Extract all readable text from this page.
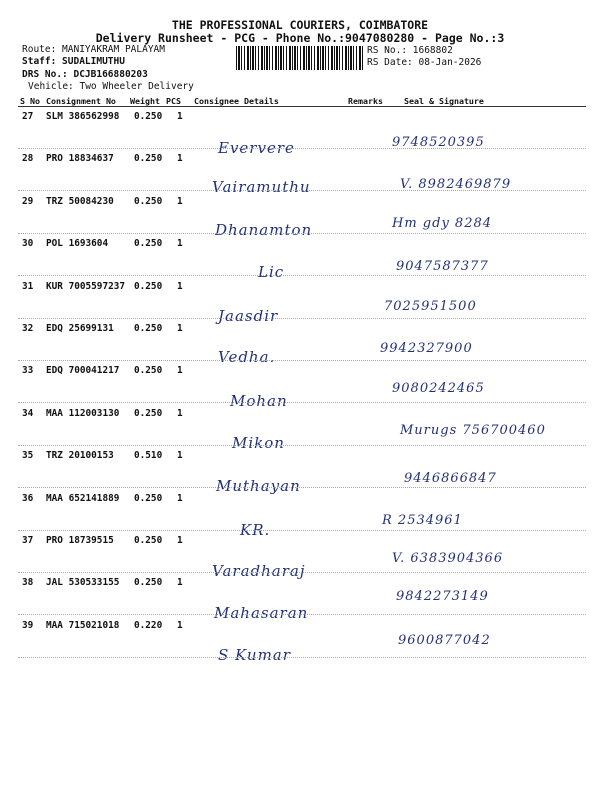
THE PROFESSIONAL COURIERS, COIMBATORE
Delivery Runsheet - PCG - Phone No.:9047080280 - Page No.:3
Route: MANIYAKRAM PALAYAM
Staff: SUDALIMUTHU
DRS No.: DCJB166880203
Vehicle: Two Wheeler Delivery
RS No.: 1668802
RS Date: 08-Jan-2026
S No Consignment No Weight PCS Consignee Details	Remarks	Seal & Signature
27 SLM 386562998 0.250 1
Eververe	9748520395
28 PRO 18834637 0.250 1
Vairamuthu	V. 8982469879
29 TRZ 50084230 0.250 1
Dhanamton	Hm gdy 8284
30 POL 1693604	0.250 1
Lic	9047587377
31 KUR 7005597237 0.250 1
Jaasdir
7025951500
32 EDQ 25699131 0.250 1
Vedha.	9942327900
33 EDQ 700041217 0.250 1
Mohan
9080242465
34 MAA 112003130 0.250 1
Mikon
Murugs 756700460
35 TRZ 20100153 0.510 1
Muthayan	9446866847
36 MAA 652141889 0.250 1
KR.
R 2534961
37 PRO 18739515 0.250 1
Varadharaj
V. 6383904366
38 JAL 530533155 0.250 1
Mahasaran
9842273149
39 MAA 715021018 0.220 1
S Kumar
9600877042
